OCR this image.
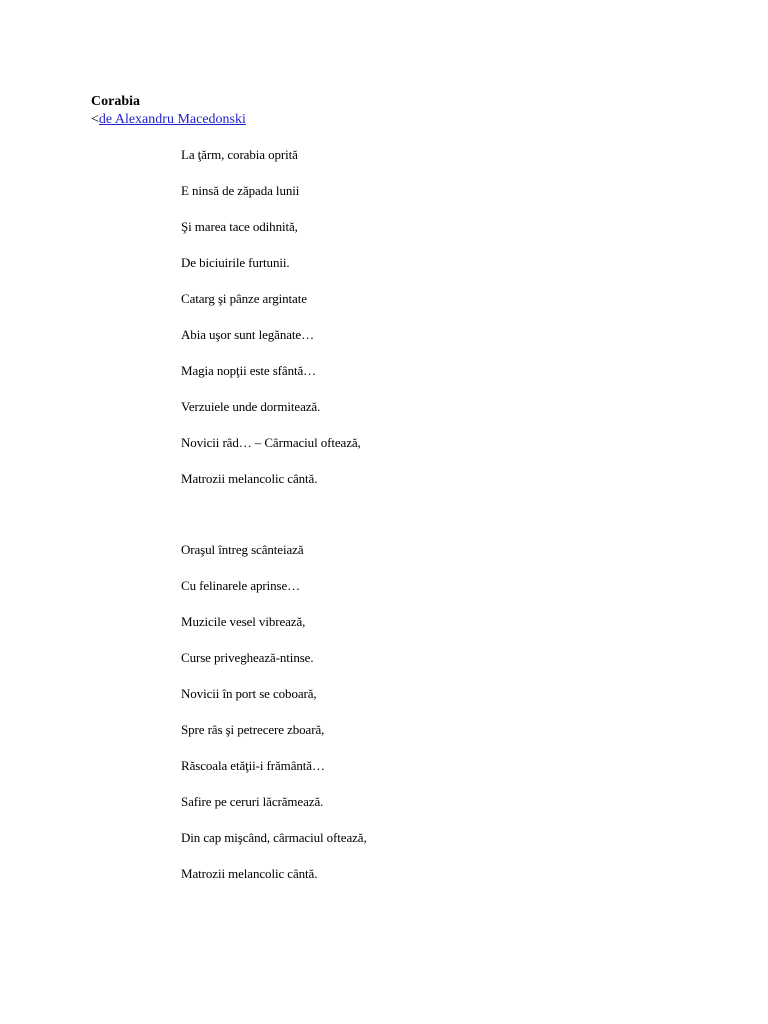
Corabia
<de Alexandru Macedonski
La ţărm, corabia oprită
E ninsă de zăpada lunii
Şi marea tace odihnită,
De biciuirile furtunii.
Catarg şi pânze argintate
Abia uşor sunt legănate…
Magia nopţii este sfântă…
Verzuiele unde dormitează.
Novicii râd… – Cârmaciul oftează,
Matrozii melancolic cântă.
Oraşul întreg scânteiază
Cu felinarele aprinse…
Muzicile vesel vibrează,
Curse priveghează-ntinse.
Novicii în port se coboară,
Spre râs şi petrecere zboară,
Răscoala etăţii-i frământă…
Safire pe ceruri lăcrămează.
Din cap mişcând, cârmaciul oftează,
Matrozii melancolic cântă.
